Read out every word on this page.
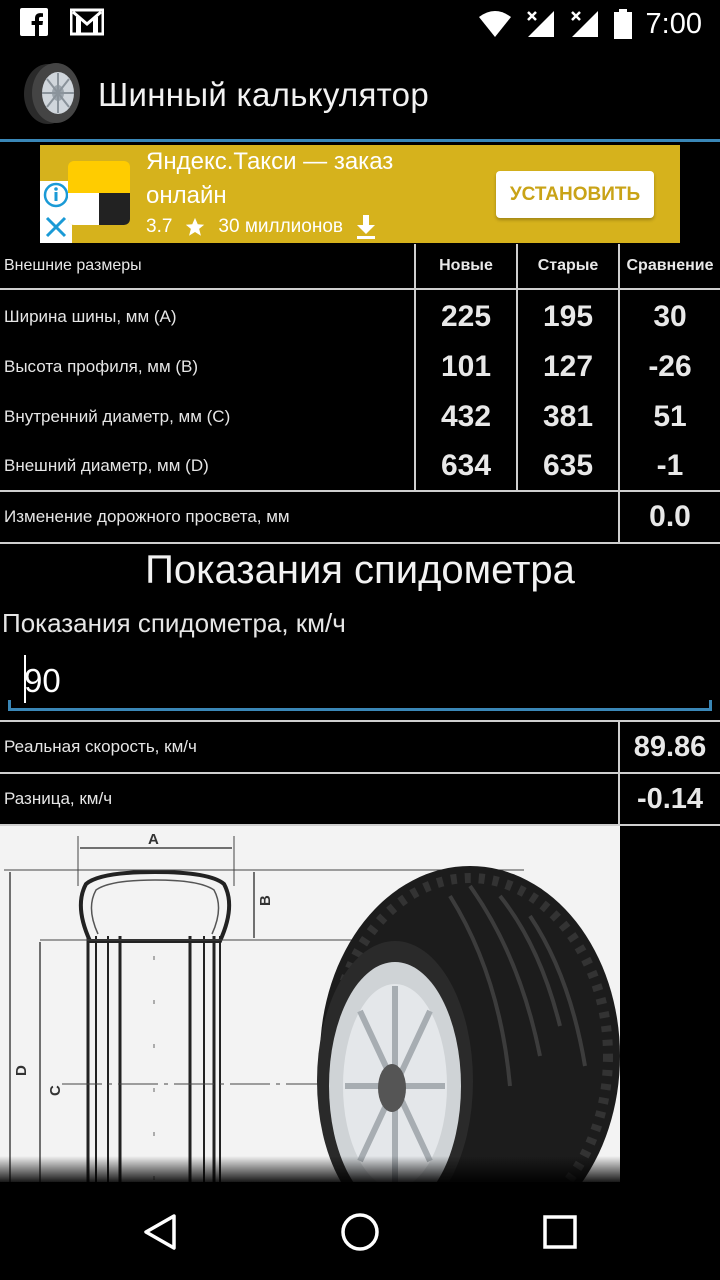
7:00
Шинный калькулятор
Яндекс.Такси — заказ онлайн
3.7 30 миллионов
УСТАНОВИТЬ
Внешние размеры	Новые	Старые	Сравнение
Ширина шины, мм (A)	225	195	30
Высота профиля, мм (B)	101	127	-26
Внутренний диаметр, мм (C)	432	381	51
Внешний диаметр, мм (D)	634	635	-1
Изменение дорожного просвета, мм	0.0
Показания спидометра
Показания спидометра, км/ч
90
Реальная скорость, км/ч	89.86
Разница, км/ч	-0.14
A
B
D
C
